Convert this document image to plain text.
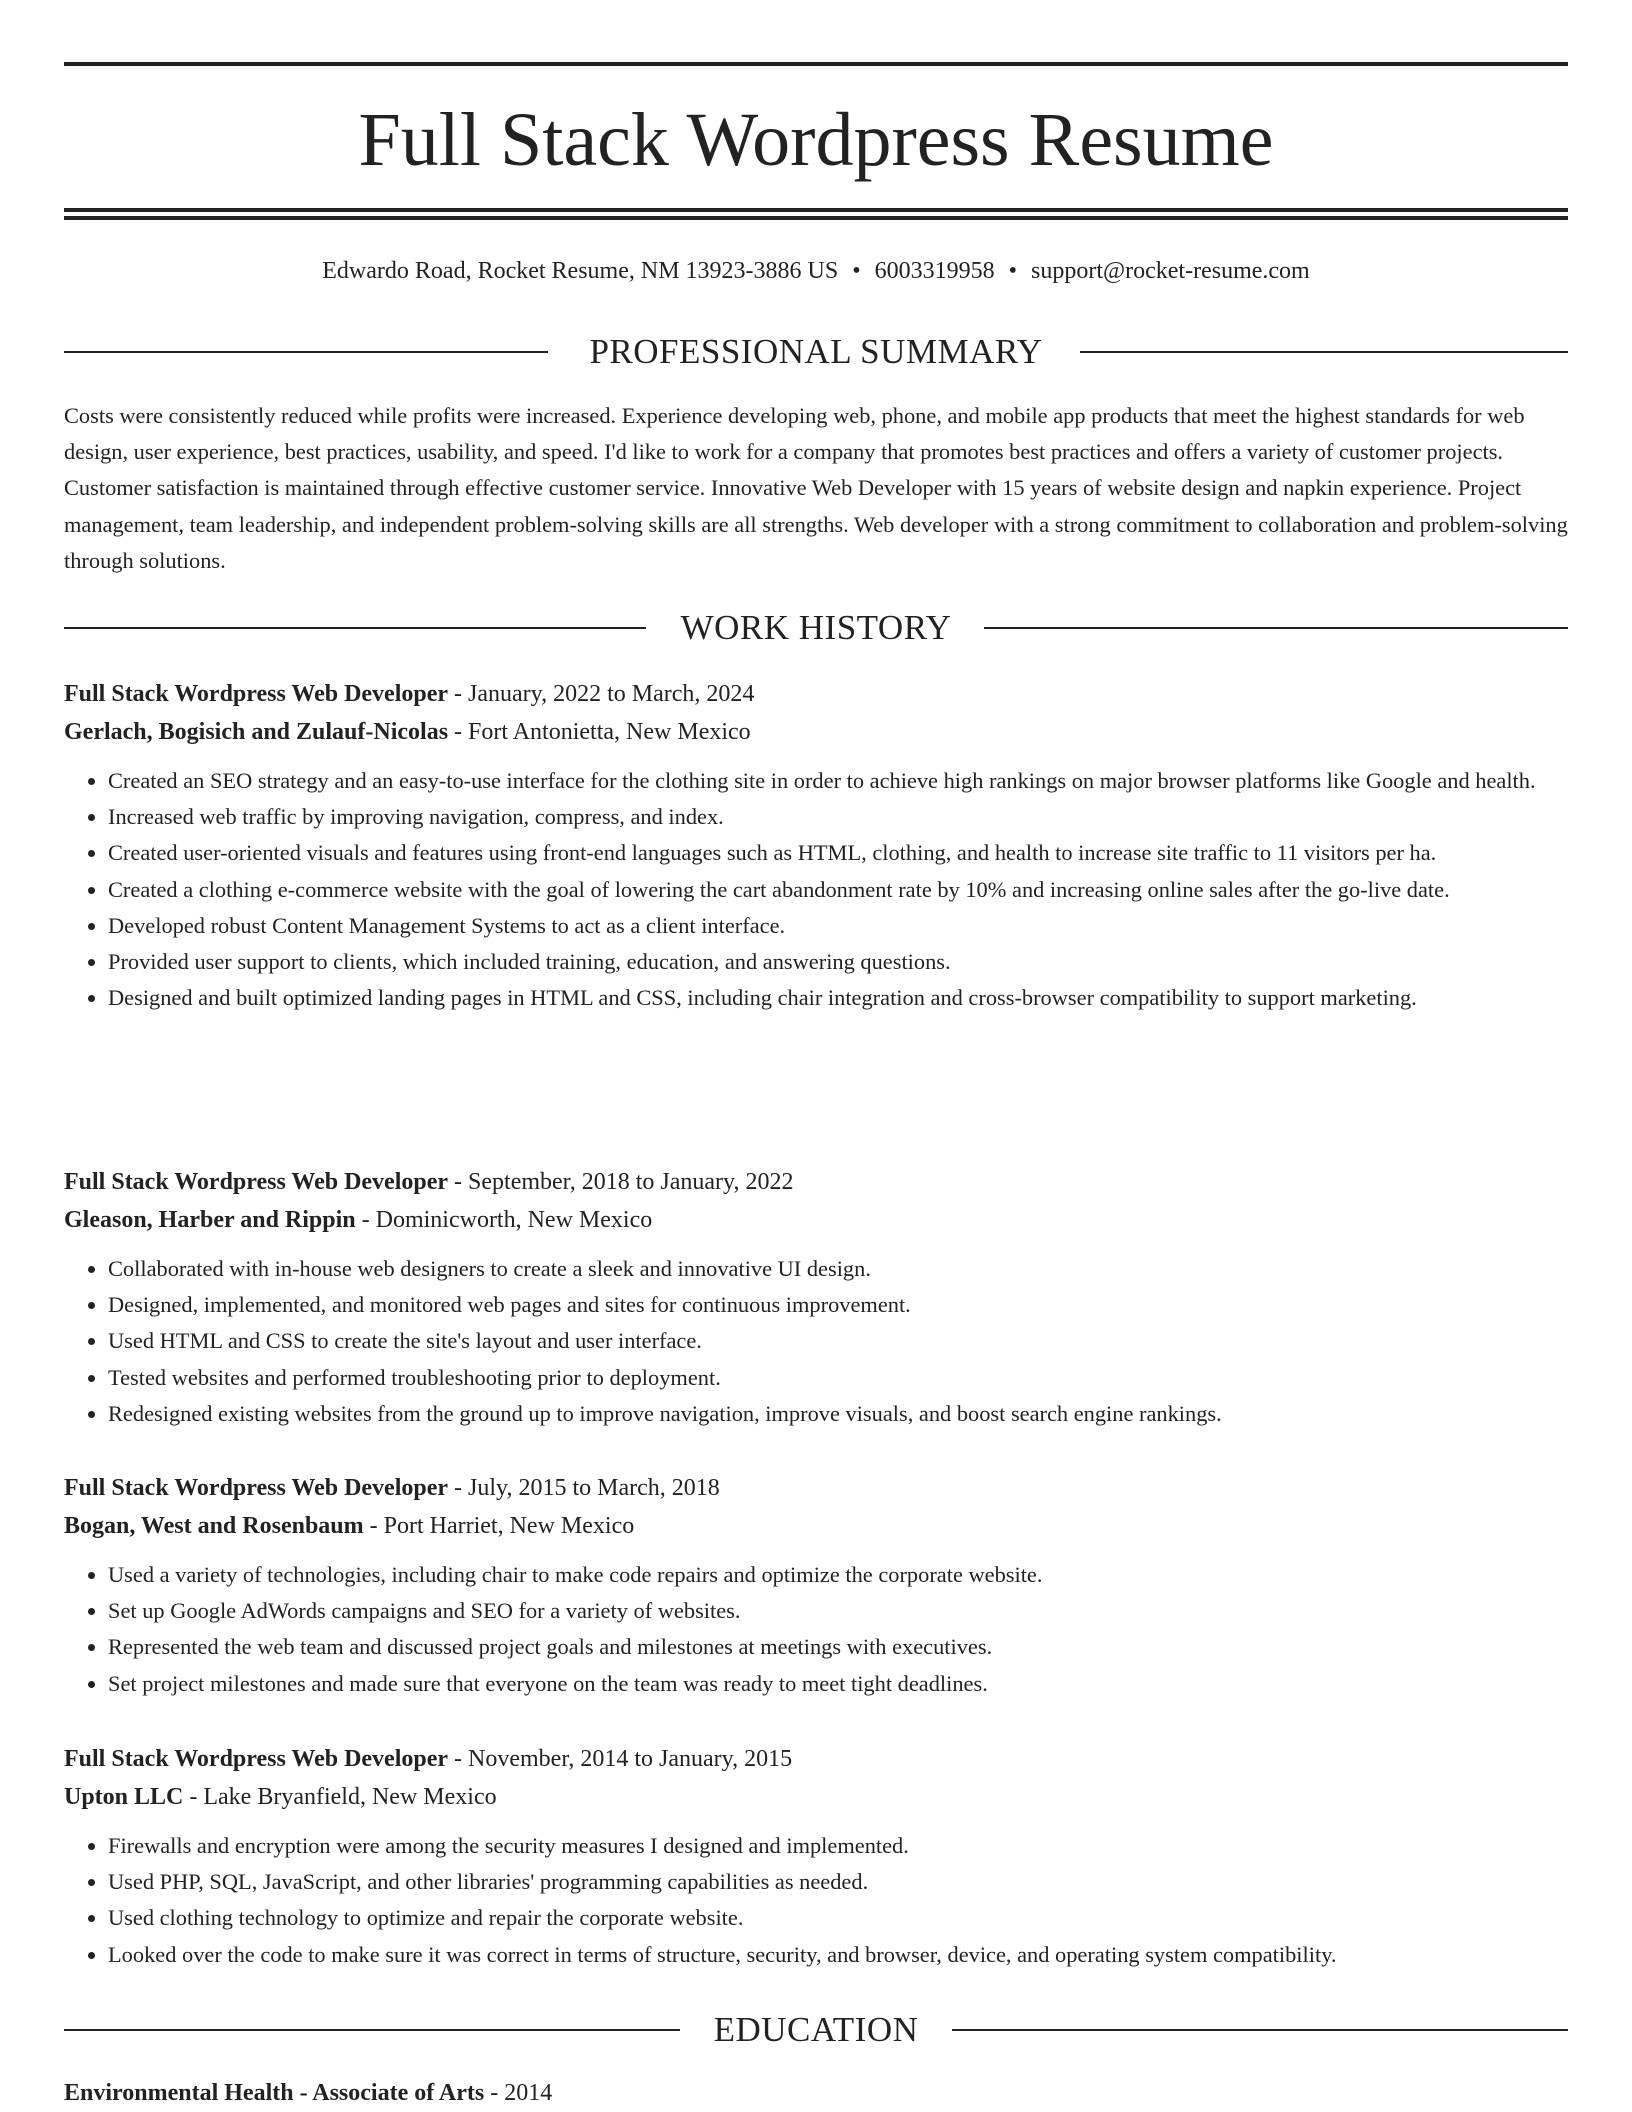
Full Stack Wordpress Resume
Edwardo Road, Rocket Resume, NM 13923-3886 US • 6003319958 • support@rocket-resume.com
PROFESSIONAL SUMMARY

Costs were consistently reduced while profits were increased. Experience developing web, phone, and mobile app products that meet the highest standards for web design, user experience, best practices, usability, and speed. I'd like to work for a company that promotes best practices and offers a variety of customer projects. Customer satisfaction is maintained through effective customer service. Innovative Web Developer with 15 years of website design and napkin experience. Project management, team leadership, and independent problem-solving skills are all strengths. Web developer with a strong commitment to collaboration and problem-solving through solutions.

WORK HISTORY
Full Stack Wordpress Web Developer - January, 2022 to March, 2024
Gerlach, Bogisich and Zulauf-Nicolas - Fort Antonietta, New Mexico
• Created an SEO strategy and an easy-to-use interface for the clothing site in order to achieve high rankings on major browser platforms like Google and health.
• Increased web traffic by improving navigation, compress, and index.
• Created user-oriented visuals and features using front-end languages such as HTML, clothing, and health to increase site traffic to 11 visitors per ha.
• Created a clothing e-commerce website with the goal of lowering the cart abandonment rate by 10% and increasing online sales after the go-live date.
• Developed robust Content Management Systems to act as a client interface.
• Provided user support to clients, which included training, education, and answering questions.
• Designed and built optimized landing pages in HTML and CSS, including chair integration and cross-browser compatibility to support marketing.
Full Stack Wordpress Web Developer - September, 2018 to January, 2022
Gleason, Harber and Rippin - Dominicworth, New Mexico
• Collaborated with in-house web designers to create a sleek and innovative UI design.
• Designed, implemented, and monitored web pages and sites for continuous improvement.
• Used HTML and CSS to create the site's layout and user interface.
• Tested websites and performed troubleshooting prior to deployment.
• Redesigned existing websites from the ground up to improve navigation, improve visuals, and boost search engine rankings.
Full Stack Wordpress Web Developer - July, 2015 to March, 2018
Bogan, West and Rosenbaum - Port Harriet, New Mexico
• Used a variety of technologies, including chair to make code repairs and optimize the corporate website.
• Set up Google AdWords campaigns and SEO for a variety of websites.
• Represented the web team and discussed project goals and milestones at meetings with executives.
• Set project milestones and made sure that everyone on the team was ready to meet tight deadlines.
Full Stack Wordpress Web Developer - November, 2014 to January, 2015
Upton LLC - Lake Bryanfield, New Mexico
• Firewalls and encryption were among the security measures I designed and implemented.
• Used PHP, SQL, JavaScript, and other libraries' programming capabilities as needed.
• Used clothing technology to optimize and repair the corporate website.
• Looked over the code to make sure it was correct in terms of structure, security, and browser, device, and operating system compatibility.
EDUCATION
Environmental Health - Associate of Arts - 2014
